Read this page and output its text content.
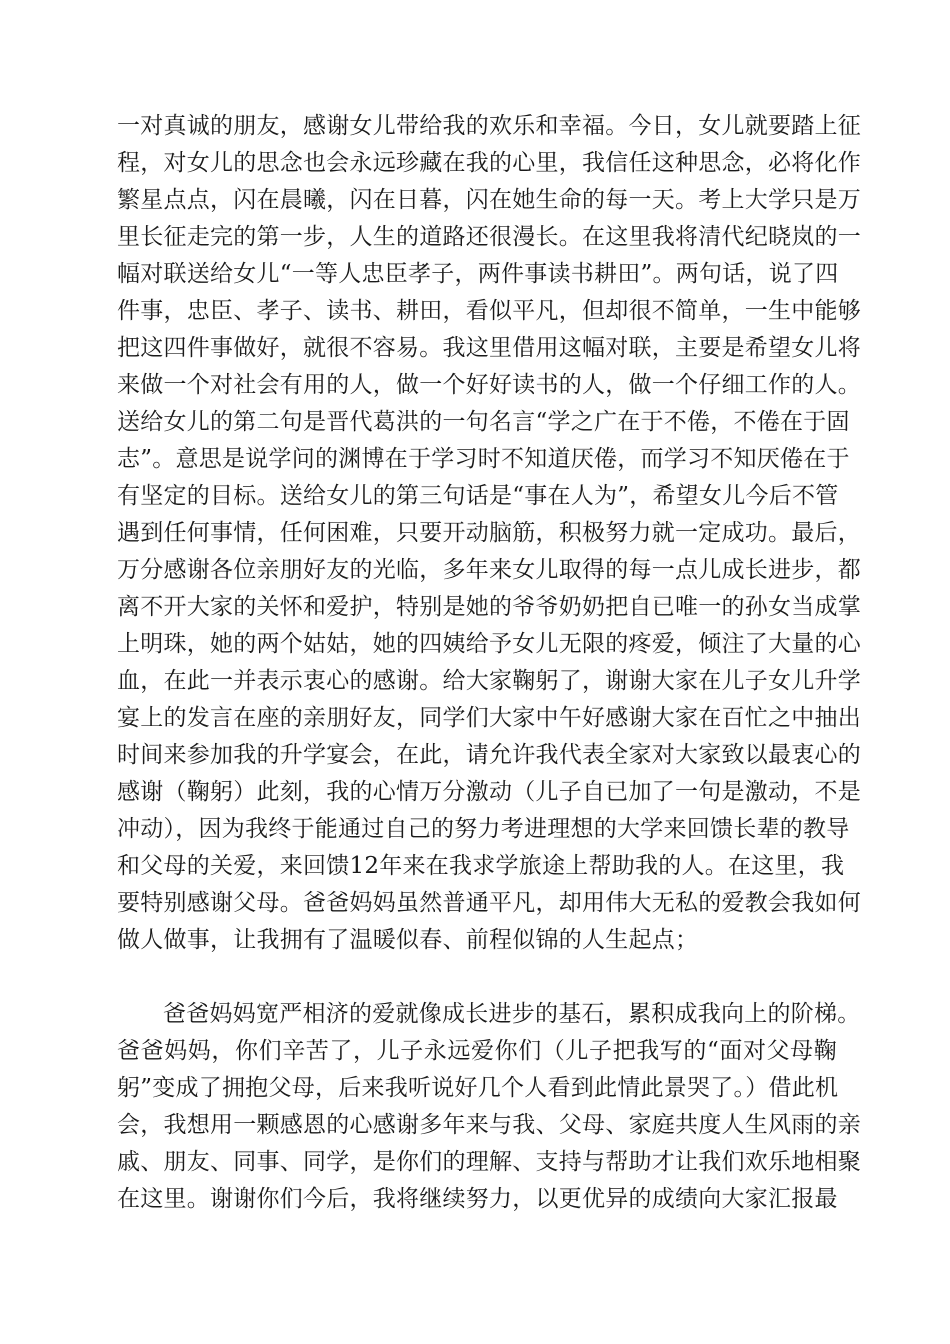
一对真诚的朋友，感谢女儿带给我的欢乐和幸福。今日，女儿就要踏上征
程，对女儿的思念也会永远珍藏在我的心里，我信任这种思念，必将化作
繁星点点，闪在晨曦，闪在日暮，闪在她生命的每一天。考上大学只是万
里长征走完的第一步，人生的道路还很漫长。在这里我将清代纪晓岚的一
幅对联送给女儿“一等人忠臣孝子，两件事读书耕田”。两句话，说了四
件事，忠臣、孝子、读书、耕田，看似平凡，但却很不简单，一生中能够
把这四件事做好，就很不容易。我这里借用这幅对联，主要是希望女儿将
来做一个对社会有用的人，做一个好好读书的人，做一个仔细工作的人。
送给女儿的第二句是晋代葛洪的一句名言“学之广在于不倦，不倦在于固
志”。意思是说学问的渊博在于学习时不知道厌倦，而学习不知厌倦在于
有坚定的目标。送给女儿的第三句话是“事在人为”，希望女儿今后不管
遇到任何事情，任何困难，只要开动脑筋，积极努力就一定成功。最后，
万分感谢各位亲朋好友的光临，多年来女儿取得的每一点儿成长进步，都
离不开大家的关怀和爱护，特别是她的爷爷奶奶把自已唯一的孙女当成掌
上明珠，她的两个姑姑，她的四姨给予女儿无限的疼爱，倾注了大量的心
血，在此一并表示衷心的感谢。给大家鞠躬了，谢谢大家在儿子女儿升学
宴上的发言在座的亲朋好友，同学们大家中午好感谢大家在百忙之中抽出
时间来参加我的升学宴会，在此，请允许我代表全家对大家致以最衷心的
感谢（鞠躬）此刻，我的心情万分激动（儿子自已加了一句是激动，不是
冲动），因为我终于能通过自己的努力考进理想的大学来回馈长辈的教导
和父母的关爱，来回馈12年来在我求学旅途上帮助我的人。在这里，我
要特别感谢父母。爸爸妈妈虽然普通平凡，却用伟大无私的爱教会我如何
做人做事，让我拥有了温暖似春、前程似锦的人生起点；
爸爸妈妈宽严相济的爱就像成长进步的基石，累积成我向上的阶梯。
爸爸妈妈，你们辛苦了，儿子永远爱你们（儿子把我写的“面对父母鞠
躬”变成了拥抱父母，后来我听说好几个人看到此情此景哭了。）借此机
会，我想用一颗感恩的心感谢多年来与我、父母、家庭共度人生风雨的亲
戚、朋友、同事、同学，是你们的理解、支持与帮助才让我们欢乐地相聚
在这里。谢谢你们今后，我将继续努力，以更优异的成绩向大家汇报最
